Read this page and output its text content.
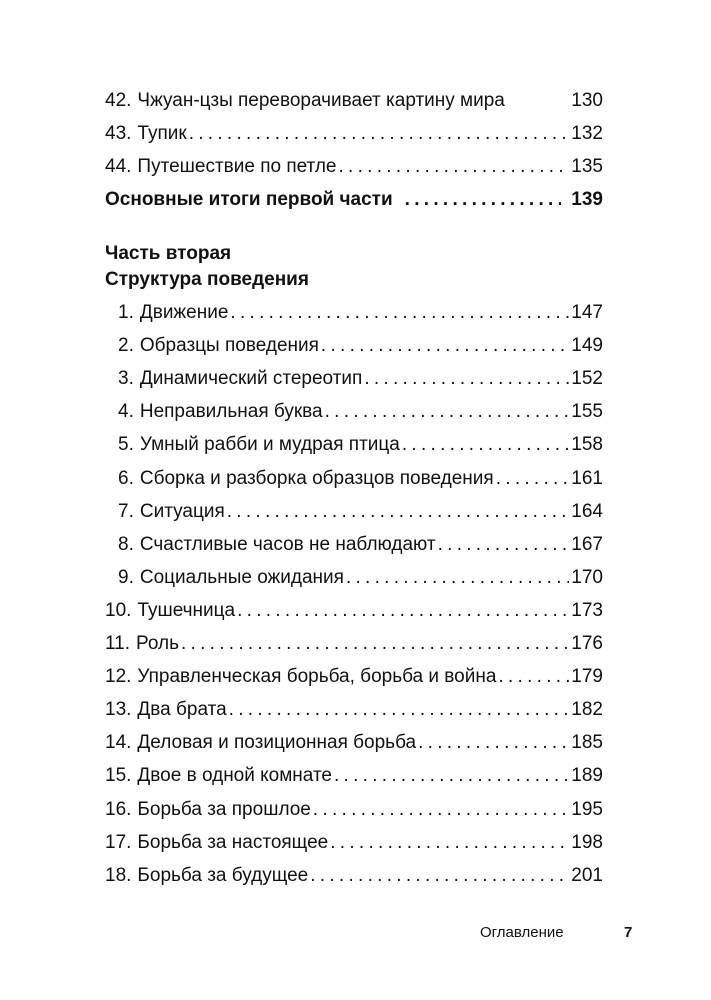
42. Чжуан-цзы переворачивает картину мира	130
43. Тупик . . .	132
44. Путешествие по петле . . .	135
Основные итоги первой части . . .	139
Часть вторая
Структура поведения
1. Движение . . .	147
2. Образцы поведения . . .	149
3. Динамический стереотип . . .	152
4. Неправильная буква . . .	155
5. Умный рабби и мудрая птица . . .	158
6. Сборка и разборка образцов поведения . . .	161
7. Ситуация . . .	164
8. Счастливые часов не наблюдают . . .	167
9. Социальные ожидания . . .	170
10. Тушечница . . .	173
11. Роль . . .	176
12. Управленческая борьба, борьба и война . . .	179
13. Два брата . . .	182
14. Деловая и позиционная борьба . . .	185
15. Двое в одной комнате . . .	189
16. Борьба за прошлое . . .	195
17. Борьба за настоящее . . .	198
18. Борьба за будущее . . .	201
Оглавление	7
